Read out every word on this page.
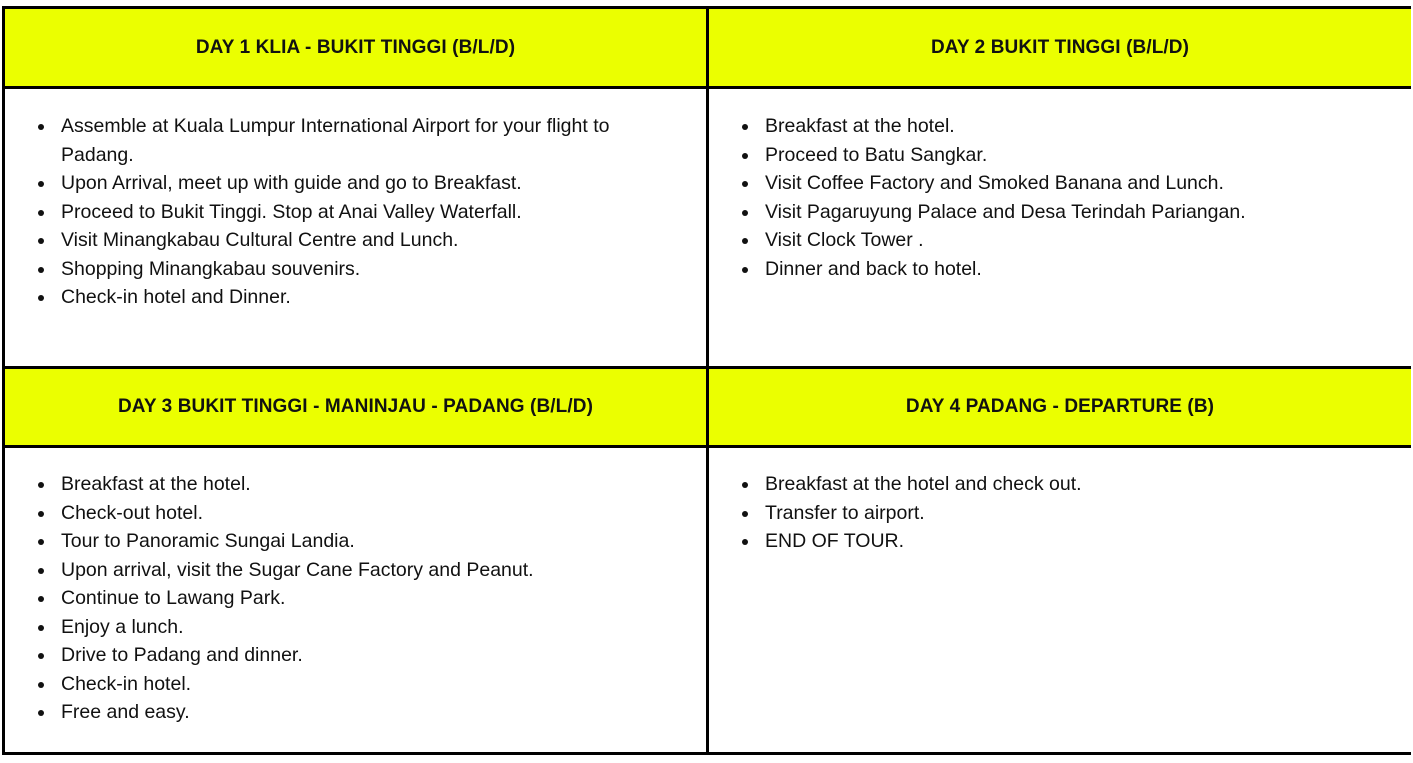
DAY 1 KLIA - BUKIT TINGGI (B/L/D)	DAY 2 BUKIT TINGGI (B/L/D)
Assemble at Kuala Lumpur International Airport for your flight to Padang.
Upon Arrival, meet up with guide and go to Breakfast.
Proceed to Bukit Tinggi. Stop at Anai Valley Waterfall.
Visit Minangkabau Cultural Centre and Lunch.
Shopping Minangkabau souvenirs.
Check-in hotel and Dinner.
Breakfast at the hotel.
Proceed to Batu Sangkar.
Visit Coffee Factory and Smoked Banana and Lunch.
Visit Pagaruyung Palace and Desa Terindah Pariangan.
Visit Clock Tower .
Dinner and back to hotel.
DAY 3 BUKIT TINGGI - MANINJAU - PADANG (B/L/D)	DAY 4 PADANG - DEPARTURE (B)
Breakfast at the hotel.
Check-out hotel.
Tour to Panoramic Sungai Landia.
Upon arrival, visit the Sugar Cane Factory and Peanut.
Continue to Lawang Park.
Enjoy a lunch.
Drive to Padang and dinner.
Check-in hotel.
Free and easy.
Breakfast at the hotel and check out.
Transfer to airport.
END OF TOUR.
